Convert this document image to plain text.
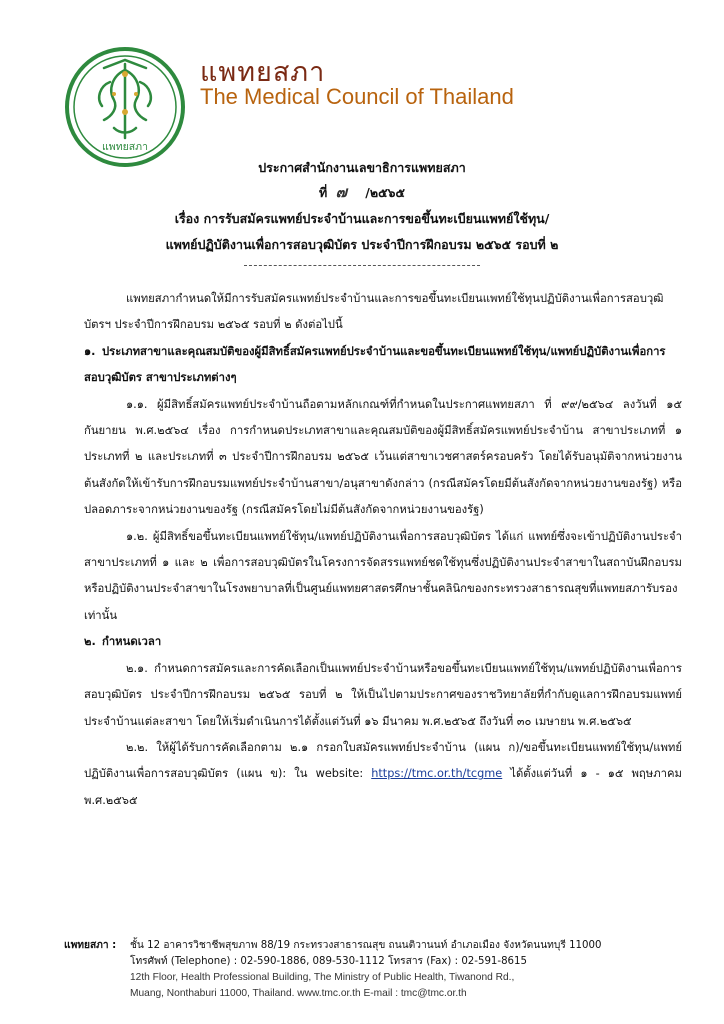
แพทยสภา
แพทยสภา
The Medical Council of Thailand
ประกาศสำนักงานเลขาธิการแพทยสภา
ที่ ๗ /๒๕๖๕
เรื่อง การรับสมัครแพทย์ประจำบ้านและการขอขึ้นทะเบียนแพทย์ใช้ทุน/
แพทย์ปฏิบัติงานเพื่อการสอบวุฒิบัตร ประจำปีการฝึกอบรม ๒๕๖๕ รอบที่ ๒

แพทยสภากำหนดให้มีการรับสมัครแพทย์ประจำบ้านและการขอขึ้นทะเบียนแพทย์ใช้ทุนปฏิบัติงานเพื่อการสอบวุฒิบัตรฯ ประจำปีการฝึกอบรม ๒๕๖๕ รอบที่ ๒ ดังต่อไปนี้

๑. ประเภทสาขาและคุณสมบัติของผู้มีสิทธิ์สมัครแพทย์ประจำบ้านและขอขึ้นทะเบียนแพทย์ใช้ทุน/แพทย์ปฏิบัติงานเพื่อการสอบวุฒิบัตร สาขาประเภทต่างๆ

๑.๑. ผู้มีสิทธิ์สมัครแพทย์ประจำบ้านถือตามหลักเกณฑ์ที่กำหนดในประกาศแพทยสภา ที่ ๙๙/๒๕๖๔ ลงวันที่ ๑๕ กันยายน พ.ศ.๒๕๖๔ เรื่อง การกำหนดประเภทสาขาและคุณสมบัติของผู้มีสิทธิ์สมัครแพทย์ประจำบ้าน สาขาประเภทที่ ๑ ประเภทที่ ๒ และประเภทที่ ๓ ประจำปีการฝึกอบรม ๒๕๖๕ เว้นแต่สาขาเวชศาสตร์ครอบครัว โดยได้รับอนุมัติจากหน่วยงานต้นสังกัดให้เข้ารับการฝึกอบรมแพทย์ประจำบ้านสาขา/อนุสาขาดังกล่าว (กรณีสมัครโดยมีต้นสังกัดจากหน่วยงานของรัฐ) หรือปลอดภาระจากหน่วยงานของรัฐ (กรณีสมัครโดยไม่มีต้นสังกัดจากหน่วยงานของรัฐ)

๑.๒. ผู้มีสิทธิ์ขอขึ้นทะเบียนแพทย์ใช้ทุน/แพทย์ปฏิบัติงานเพื่อการสอบวุฒิบัตร ได้แก่ แพทย์ซึ่งจะเข้าปฏิบัติงานประจำสาขาประเภทที่ ๑ และ ๒ เพื่อการสอบวุฒิบัตรในโครงการจัดสรรแพทย์ชดใช้ทุนซึ่งปฏิบัติงานประจำสาขาในสถาบันฝึกอบรม หรือปฏิบัติงานประจำสาขาในโรงพยาบาลที่เป็นศูนย์แพทยศาสตรศึกษาชั้นคลินิกของกระทรวงสาธารณสุขที่แพทยสภารับรอง เท่านั้น

๒. กำหนดเวลา

๒.๑. กำหนดการสมัครและการคัดเลือกเป็นแพทย์ประจำบ้านหรือขอขึ้นทะเบียนแพทย์ใช้ทุน/แพทย์ปฏิบัติงานเพื่อการสอบวุฒิบัตร ประจำปีการฝึกอบรม ๒๕๖๕ รอบที่ ๒ ให้เป็นไปตามประกาศของราชวิทยาลัยที่กำกับดูแลการฝึกอบรมแพทย์ประจำบ้านแต่ละสาขา โดยให้เริ่มดำเนินการได้ตั้งแต่วันที่ ๑๖ มีนาคม พ.ศ.๒๕๖๕ ถึงวันที่ ๓๐ เมษายน พ.ศ.๒๕๖๕

๒.๒. ให้ผู้ได้รับการคัดเลือกตาม ๒.๑ กรอกใบสมัครแพทย์ประจำบ้าน (แผน ก)/ขอขึ้นทะเบียนแพทย์ใช้ทุน/แพทย์ปฏิบัติงานเพื่อการสอบวุฒิบัตร (แผน ข): ใน website: https://tmc.or.th/tcgme ได้ตั้งแต่วันที่ ๑ - ๑๕ พฤษภาคม พ.ศ.๒๕๖๕

แพทยสภา : ชั้น 12 อาคารวิชาชีพสุขภาพ 88/19 กระทรวงสาธารณสุข ถนนติวานนท์ อำเภอเมือง จังหวัดนนทบุรี 11000
โทรศัพท์ (Telephone) : 02-590-1886, 089-530-1112 โทรสาร (Fax) : 02-591-8615
12th Floor, Health Professional Building, The Ministry of Public Health, Tiwanond Rd.,
Muang, Nonthaburi 11000, Thailand. www.tmc.or.th E-mail : tmc@tmc.or.th
